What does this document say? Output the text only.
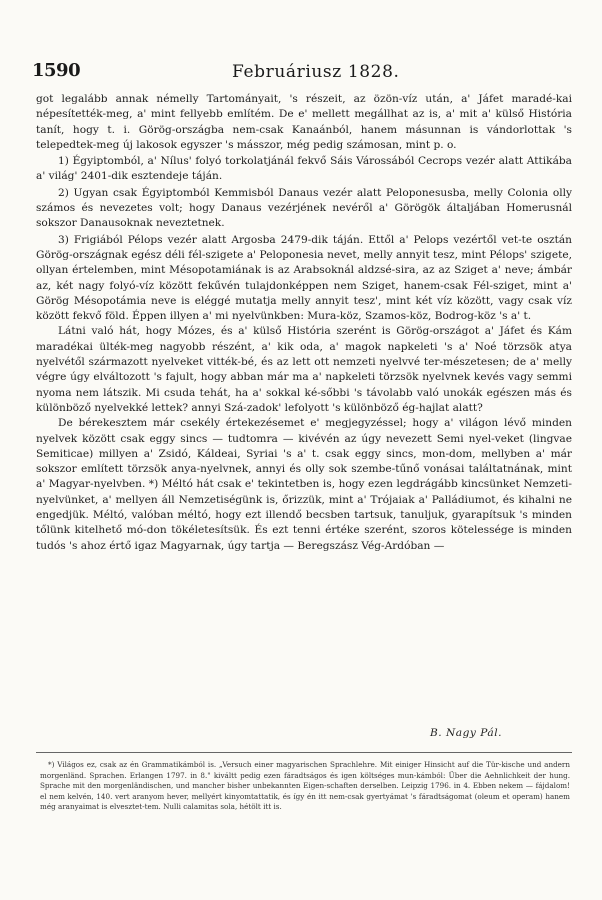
1590	Februáriusz 1828.

got legalább annak némelly Tartományait, 's részeit, az özön-víz után, a' Jáfet maradé-kai népesítették-meg, a' mint fellyebb említém. De e' mellett megállhat az is, a' mit a' külső História tanít, hogy t. i. Görög-országba nem-csak Kanaánból, hanem másunnan is vándorlottak 's telepedtek-meg új lakosok egyszer 's másszor, még pedig számosan, mint p. o.

1) Égyiptomból, a' Nílus' folyó torkolatjánál fekvő Sáis Várossából Cecrops vezér alatt Attikába a' világ' 2401-dik esztendeje táján.

2) Ugyan csak Égyiptomból Kemmisból Danaus vezér alatt Peloponesusba, melly Colonia olly számos és nevezetes volt; hogy Danaus vezérjének nevéről a' Görögök általjában Homerusnál sokszor Danausoknak neveztetnek.

3) Frigiából Pélops vezér alatt Argosba 2479-dik táján. Ettől a' Pelops vezértől vet-te osztán Görög-országnak egész déli fél-szigete a' Peloponesia nevet, melly annyit tesz, mint Pélops' szigete, ollyan értelemben, mint Mésopotamiának is az Arabsoknál aldzsé-sira, az az Sziget a' neve; ámbár az, két nagy folyó-víz között fekűvén tulajdonképpen nem Sziget, hanem-csak Fél-sziget, mint a' Görög Mésopotámia neve is eléggé mutatja melly annyit tesz', mint két víz között, vagy csak víz között fekvő föld. Éppen illyen a' mi nyelvünkben: Mura-köz, Szamos-köz, Bodrog-köz 's a' t.

Látni való hát, hogy Mózes, és a' külső História szerént is Görög-országot a' Jáfet és Kám maradékai ülték-meg nagyobb részént, a' kik oda, a' magok napkeleti 's a' Noé törzsök atya nyelvétől származott nyelveket vitték-bé, és az lett ott nemzeti nyelvvé ter-mészetesen; de a' melly végre úgy elváltozott 's fajult, hogy abban már ma a' napkeleti törzsök nyelvnek kevés vagy semmi nyoma nem látszik. Mi csuda tehát, ha a' sokkal ké-sőbbi 's távolabb való unokák egészen más és különböző nyelvekké lettek? annyi Szá-zadok' lefolyott 's különböző ég-hajlat alatt?

De bérekesztem már csekély értekezésemet e' megjegyzéssel; hogy a' világon lévő minden nyelvek között csak eggy sincs — tudtomra — kivévén az úgy nevezett Semi nyel-veket (lingvae Semiticae) millyen a' Zsidó, Káldeai, Syriai 's a' t. csak eggy sincs, mon-dom, mellyben a' már sokszor említett törzsök anya-nyelvnek, annyi és olly sok szembe-tűnő vonásai találtatnának, mint a' Magyar-nyelvben. *) Méltó hát csak e' tekintetben is, hogy ezen legdrágább kincsünket Nemzeti-nyelvünket, a' mellyen áll Nemzetiségünk is, őrizzük, mint a' Trójaiak a' Palládiumot, és kihalni ne engedjük. Méltó, valóban méltó, hogy ezt illendő becsben tartsuk, tanuljuk, gyarapítsuk 's minden tőlünk kitelhető mó-don tökéletesítsük. És ezt tenni értéke szerént, szoros kötelessége is minden tudós 's ahoz értő igaz Magyarnak, úgy tartja — Beregszász Vég-Ardóban —

B. Nagy Pál.

*) Világos ez, csak az én Grammatikámból is. „Versuch einer magyarischen Sprachlehre. Mit einiger Hinsicht auf die Tür-kische und andern morgenländ. Sprachen. Erlangen 1797. in 8." kiváltt pedig ezen fáradtságos és igen költséges mun-kámból: Über die Aehnlichkeit der hung. Sprache mit den morgenländischen, und mancher bisher unbekannten Eigen-schaften derselben. Leipzig 1796. in 4. Ebben nekem — fájdalom! el nem kelvén, 140. vert aranyom hever, mellyért kinyomtattatik, és így én itt nem-csak gyertyámat 's fáradtságomat (oleum et operam) hanem még aranyaimat is elvesztet-tem. Nulli calamitas sola, hétölt itt is.
